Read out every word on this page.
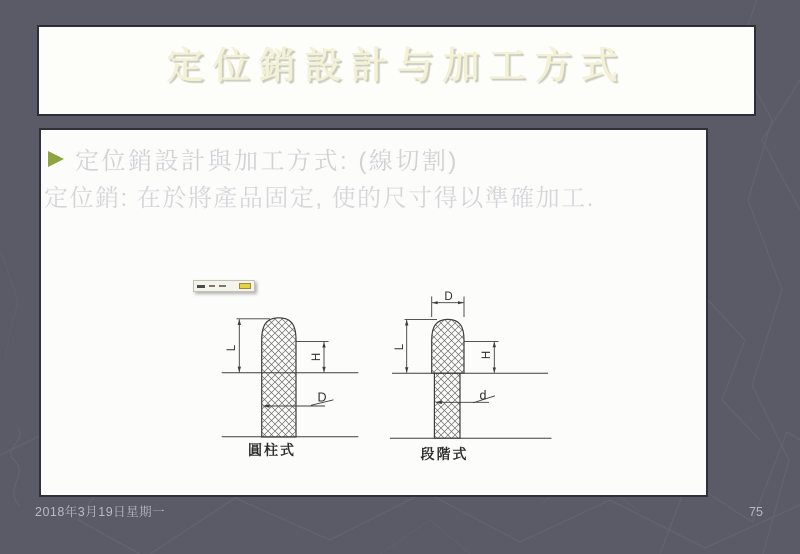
定位銷設計与加工方式
定位銷設計與加工方式: (線切割)
定位銷: 在於將產品固定, 使的尺寸得以準確加工.
L
H
D
圓柱式
D
L
H
d
段階式
2018年3月19日星期一	75
